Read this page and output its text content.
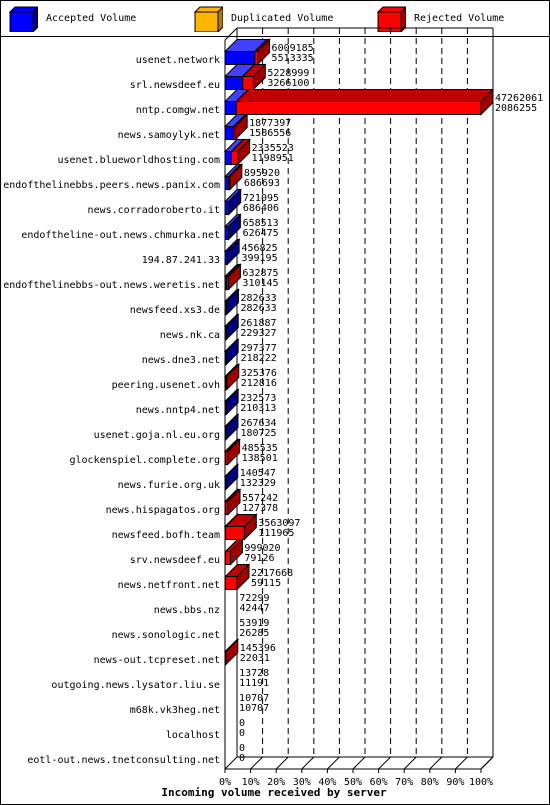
Accepted Volume	Duplicated Volume	Rejected Volume
0% 10% 20% 30% 40% 50% 60% 70% 80% 90% 100%
usenet.network
6009185
5513335
srl.newsdeef.eu
5228999
3266100
nntp.comgw.net
47262061
2086255
news.samoylyk.net
1877397
1586556
usenet.blueworldhosting.com
2335523
1198951
endofthelinebbs.peers.news.panix.com
895920
686693
news.corradoroberto.it
721095
686406
endoftheline-out.news.chmurka.net
658513
626475
194.87.241.33
456825
399195
endofthelinebbs-out.news.weretis.net
632875
310145
newsfeed.xs3.de
282633
282633
news.nk.ca
261887
229327
news.dne3.net
297377
218222
peering.usenet.ovh
325376
212816
news.nntp4.net
232573
210313
usenet.goja.nl.eu.org
267634
180725
glockenspiel.complete.org
485535
138501
news.furie.org.uk
140547
132329
news.hispagatos.org
557242
127378
newsfeed.bofh.team
3563097
111965
srv.newsdeef.eu
999020
79126
news.netfront.net
2217668
59115
news.bbs.nz
72299
42447
news.sonologic.net
53919
26285
news-out.tcpreset.net
145396
22031
outgoing.news.lysator.liu.se
13728
11191
m68k.vk3heg.net
10707
10707
localhost
0
0
eotl-out.news.tnetconsulting.net
0
0
Incoming volume received by server
